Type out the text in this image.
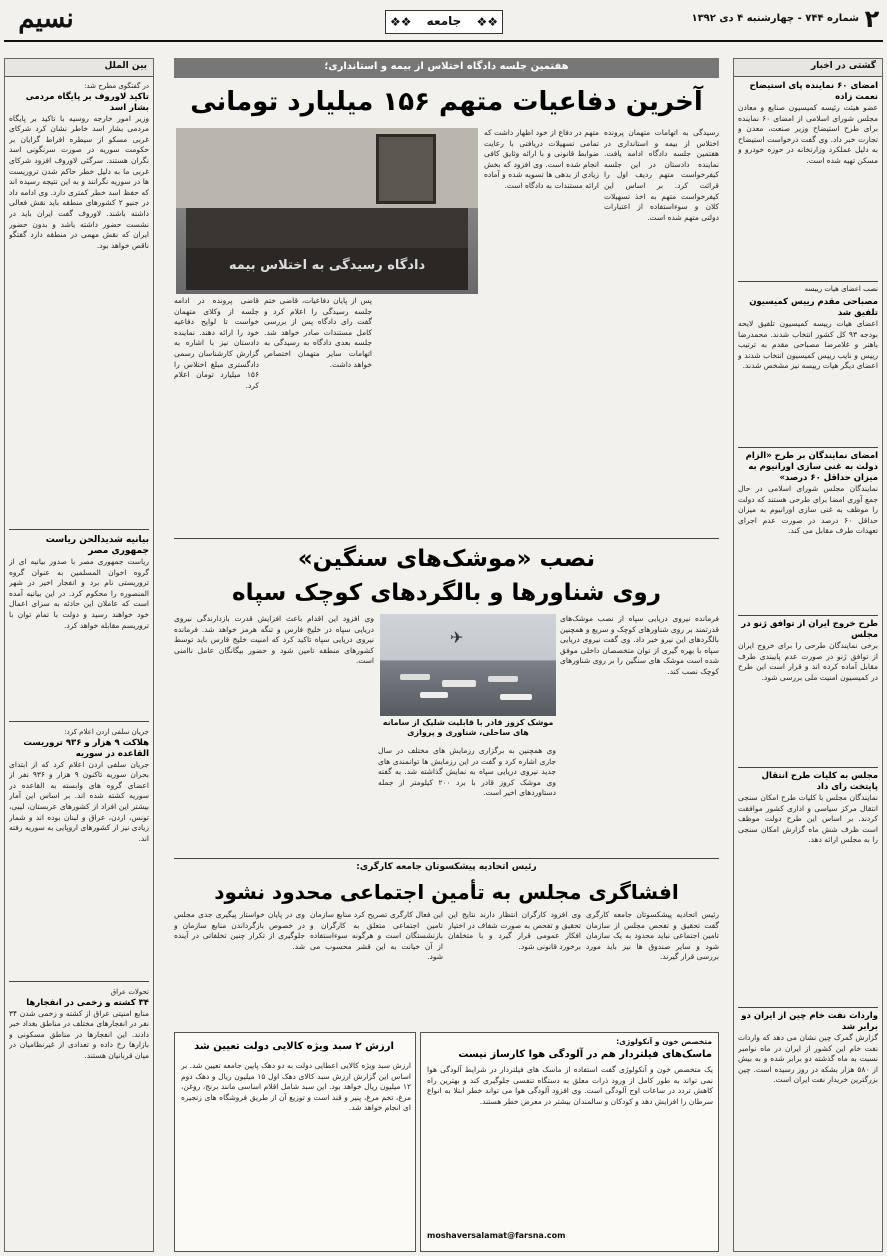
نسیم	❖❖	جامعه	❖❖	شماره ۷۴۴ - چهارشنبه ۴ دی ۱۳۹۲ ۲
بین الملل
در گفتگوی مطرح شد:
تاکید لاوروف بر پایگاه مردمی بشار اسد
وزیر امور خارجه روسیه با تاکید بر پایگاه مردمی بشار اسد خاطر نشان کرد شرکای غربی مسکو از سیطره افراط گرایان بر حکومت سوریه در صورت سرنگونی اسد نگران هستند. سرگئی لاوروف افزود شرکای غربی ما به دلیل خطر حاکم شدن تروریست ها در سوریه نگرانند و به این نتیجه رسیده اند که حفظ اسد خطر کمتری دارد. وی ادامه داد در جنیو ۲ کشورهای منطقه باید نقش فعالی داشته باشند. لاوروف گفت ایران باید در نشست حضور داشته باشد و بدون حضور ایران که نقش مهمی در منطقه دارد گفتگو ناقص خواهد بود.
بیانیه شدیدالحن ریاست جمهوری مصر
ریاست جمهوری مصر با صدور بیانیه ای از گروه اخوان المسلمین به عنوان گروه تروریستی نام برد و انفجار اخیر در شهر المنصوره را محکوم کرد. در این بیانیه آمده است که عاملان این حادثه به سزای اعمال خود خواهند رسید و دولت با تمام توان با تروریسم مقابله خواهد کرد.
جریان سلفی اردن اعلام کرد:
هلاکت ۹ هزار و ۹۳۶ تروریست القاعده در سوریه
جریان سلفی اردن اعلام کرد که از ابتدای بحران سوریه تاکنون ۹ هزار و ۹۳۶ نفر از اعضای گروه های وابسته به القاعده در سوریه کشته شده اند. بر اساس این آمار بیشتر این افراد از کشورهای عربستان، لیبی، تونس، اردن، عراق و لبنان بوده اند و شمار زیادی نیز از کشورهای اروپایی به سوریه رفته اند.
تحولات عراق
۳۴ کشته و زخمی در انفجارها
منابع امنیتی عراق از کشته و زخمی شدن ۳۴ نفر در انفجارهای مختلف در مناطق بغداد خبر دادند. این انفجارها در مناطق مسکونی و بازارها رخ داده و تعدادی از غیرنظامیان در میان قربانیان هستند.
گشتی در اخبار
امضای ۶۰ نماینده پای استیضاح نعمت زاده
عضو هیئت رئیسه کمیسیون صنایع و معادن مجلس شورای اسلامی از امضای ۶۰ نماینده برای طرح استیضاح وزیر صنعت، معدن و تجارت خبر داد. وی گفت درخواست استیضاح به دلیل عملکرد وزارتخانه در حوزه خودرو و مسکن تهیه شده است.
نصب اعضای هیات رییسه
مصباحی مقدم رییس کمیسیون تلفیق شد
اعضای هیات رییسه کمیسیون تلفیق لایحه بودجه ۹۳ کل کشور انتخاب شدند. محمدرضا باهنر و غلامرضا مصباحی مقدم به ترتیب رییس و نایب رییس کمیسیون انتخاب شدند و اعضای دیگر هیات رییسه نیز مشخص شدند.
امضای نمایندگان بر طرح «الزام دولت به غنی سازی اورانیوم به میزان حداقل ۶۰ درصد»
نمایندگان مجلس شورای اسلامی در حال جمع آوری امضا برای طرحی هستند که دولت را موظف به غنی سازی اورانیوم به میزان حداقل ۶۰ درصد در صورت عدم اجرای تعهدات طرف مقابل می کند.
طرح خروج ایران از توافق ژنو در مجلس
برخی نمایندگان طرحی را برای خروج ایران از توافق ژنو در صورت عدم پایبندی طرف مقابل آماده کرده اند و قرار است این طرح در کمیسیون امنیت ملی بررسی شود.
مجلس به کلیات طرح انتقال پایتخت رای داد
نمایندگان مجلس با کلیات طرح امکان سنجی انتقال مرکز سیاسی و اداری کشور موافقت کردند. بر اساس این طرح دولت موظف است ظرف شش ماه گزارش امکان سنجی را به مجلس ارائه دهد.
واردات نفت خام چین از ایران دو برابر شد
گزارش گمرک چین نشان می دهد که واردات نفت خام این کشور از ایران در ماه نوامبر نسبت به ماه گذشته دو برابر شده و به بیش از ۵۸۰ هزار بشکه در روز رسیده است. چین بزرگترین خریدار نفت ایران است.
هفتمین جلسه دادگاه اختلاس از بیمه و استانداری؛
آخرین دفاعیات متهم ۱۵۶ میلیارد تومانی
رسیدگی به اتهامات متهمان پرونده اختلاس از بیمه و استانداری در هفتمین جلسه دادگاه ادامه یافت. نماینده دادستان در این جلسه کیفرخواست متهم ردیف اول را قرائت کرد. بر اساس این کیفرخواست متهم به اخذ تسهیلات کلان و سوءاستفاده از اعتبارات دولتی متهم شده است.
متهم در دفاع از خود اظهار داشت که تمامی تسهیلات دریافتی با رعایت ضوابط قانونی و با ارائه وثایق کافی انجام شده است. وی افزود که بخش زیادی از بدهی ها تسویه شده و آماده ارائه مستندات به دادگاه است.
قاضی پرونده در ادامه جلسه از وکلای متهمان خواست تا لوایح دفاعیه خود را ارائه دهند. نماینده دادستان نیز با اشاره به گزارش کارشناسان رسمی دادگستری مبلغ اختلاس را ۱۵۶ میلیارد تومان اعلام کرد.
پس از پایان دفاعیات، قاضی ختم جلسه رسیدگی را اعلام کرد و گفت رای دادگاه پس از بررسی کامل مستندات صادر خواهد شد. جلسه بعدی دادگاه به رسیدگی به اتهامات سایر متهمان اختصاص خواهد داشت.
دادگاه رسیدگی به اختلاس بیمه
نصب «موشک‌های سنگین»
روی شناورها و بالگردهای کوچک سپاه
فرمانده نیروی دریایی سپاه از نصب موشک‌های قدرتمند بر روی شناورهای کوچک و سریع و همچنین بالگردهای این نیرو خبر داد. وی گفت نیروی دریایی سپاه با بهره گیری از توان متخصصان داخلی موفق شده است موشک های سنگین را بر روی شناورهای کوچک نصب کند.
وی افزود این اقدام باعث افزایش قدرت بازدارندگی نیروی دریایی سپاه در خلیج فارس و تنگه هرمز خواهد شد. فرمانده نیروی دریایی سپاه تاکید کرد که امنیت خلیج فارس باید توسط کشورهای منطقه تامین شود و حضور بیگانگان عامل ناامنی است.
وی همچنین به برگزاری رزمایش های مختلف در سال جاری اشاره کرد و گفت در این رزمایش ها توانمندی های جدید نیروی دریایی سپاه به نمایش گذاشته شد. به گفته وی موشک کروز قادر با برد ۲۰۰ کیلومتر از جمله دستاوردهای اخیر است.
✈
موشک کروز قادر با قابلیت شلیک از سامانه های ساحلی، شناوری و پروازی
رئیس اتحادیه پیشکسوتان جامعه کارگری:
افشاگری مجلس به تأمین اجتماعی محدود نشود
رئیس اتحادیه پیشکسوتان جامعه کارگری گفت تحقیق و تفحص مجلس از سازمان تامین اجتماعی نباید محدود به یک سازمان شود و سایر صندوق ها نیز باید مورد بررسی قرار گیرند.
وی افزود کارگران انتظار دارند نتایج این تحقیق و تفحص به صورت شفاف در اختیار افکار عمومی قرار گیرد و با متخلفان برخورد قانونی شود.
این فعال کارگری تصریح کرد منابع سازمان تامین اجتماعی متعلق به کارگران و بازنشستگان است و هرگونه سوءاستفاده از آن خیانت به این قشر محسوب می شود.
وی در پایان خواستار پیگیری جدی مجلس در خصوص بازگرداندن منابع سازمان و جلوگیری از تکرار چنین تخلفاتی در آینده شد.
متخصص خون و آنکولوژی:
ماسک‌های فیلتردار هم در آلودگی هوا کارساز نیست
یک متخصص خون و آنکولوژی گفت استفاده از ماسک های فیلتردار در شرایط آلودگی هوا نمی تواند به طور کامل از ورود ذرات معلق به دستگاه تنفسی جلوگیری کند و بهترین راه کاهش تردد در ساعات اوج آلودگی است. وی افزود آلودگی هوا می تواند خطر ابتلا به انواع سرطان را افزایش دهد و کودکان و سالمندان بیشتر در معرض خطر هستند.
moshaversalamat@farsna.com
ارزش ۲ سبد ویژه کالایی دولت تعیین شد
ارزش سبد ویژه کالایی اعطایی دولت به دو دهک پایین جامعه تعیین شد. بر اساس این گزارش ارزش سبد کالای دهک اول ۱۵ میلیون ریال و دهک دوم ۱۲ میلیون ریال خواهد بود. این سبد شامل اقلام اساسی مانند برنج، روغن، مرغ، تخم مرغ، پنیر و قند است و توزیع آن از طریق فروشگاه های زنجیره ای انجام خواهد شد.
